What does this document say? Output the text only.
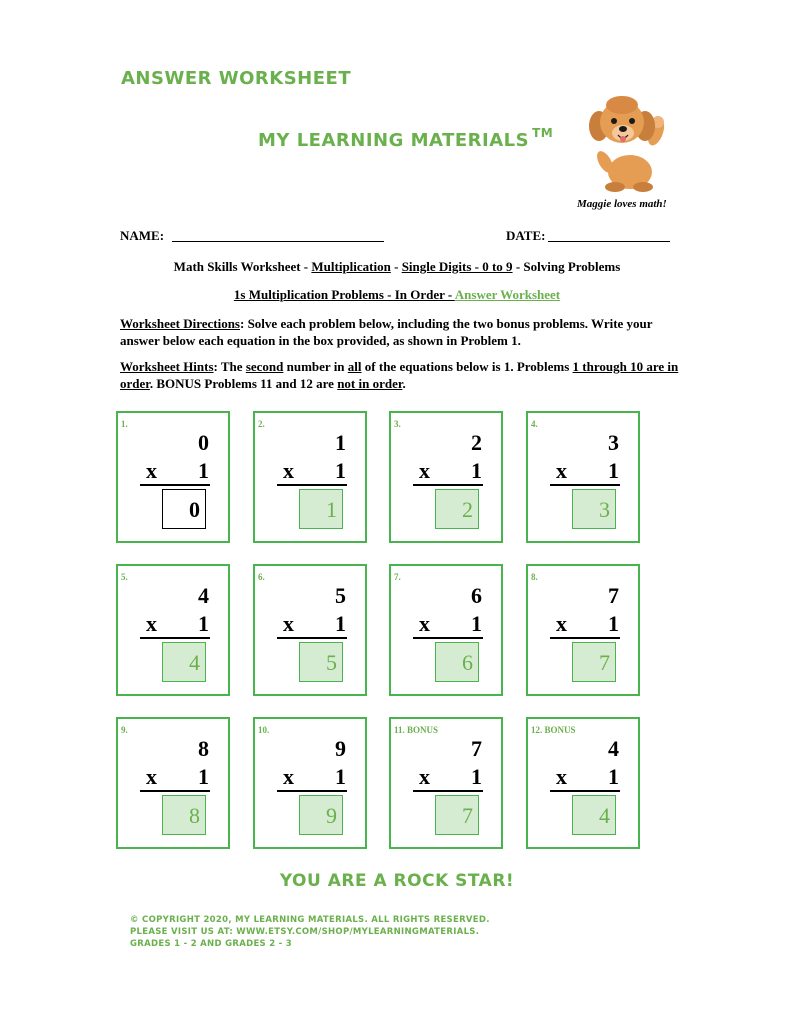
ANSWER WORKSHEET
MY LEARNING MATERIALS ™
Maggie loves math!
NAME:	DATE:
Math Skills Worksheet - Multiplication - Single Digits - 0 to 9 - Solving Problems
1s Multiplication Problems - In Order - Answer Worksheet
Worksheet Directions: Solve each problem below, including the two bonus problems. Write your answer below each equation in the box provided, as shown in Problem 1.
Worksheet Hints: The second number in all of the equations below is 1. Problems 1 through 10 are in order. BONUS Problems 11 and 12 are not in order.
1.
0
x 1
0
2.
1
x 1
1
3.
2
x 1
2
4.
3
x 1
3
5.
4
x 1
4
6.
5
x 1
5
7.
6
x 1
6
8.
7
x 1
7
9.
8
x 1
8
10.
9
x 1
9
11. BONUS
7
x 1
7
12. BONUS
4
x 1
4
YOU ARE A ROCK STAR!
© COPYRIGHT 2020, MY LEARNING MATERIALS. ALL RIGHTS RESERVED.
PLEASE VISIT US AT: WWW.ETSY.COM/SHOP/MYLEARNINGMATERIALS.
GRADES 1 - 2 AND GRADES 2 - 3
